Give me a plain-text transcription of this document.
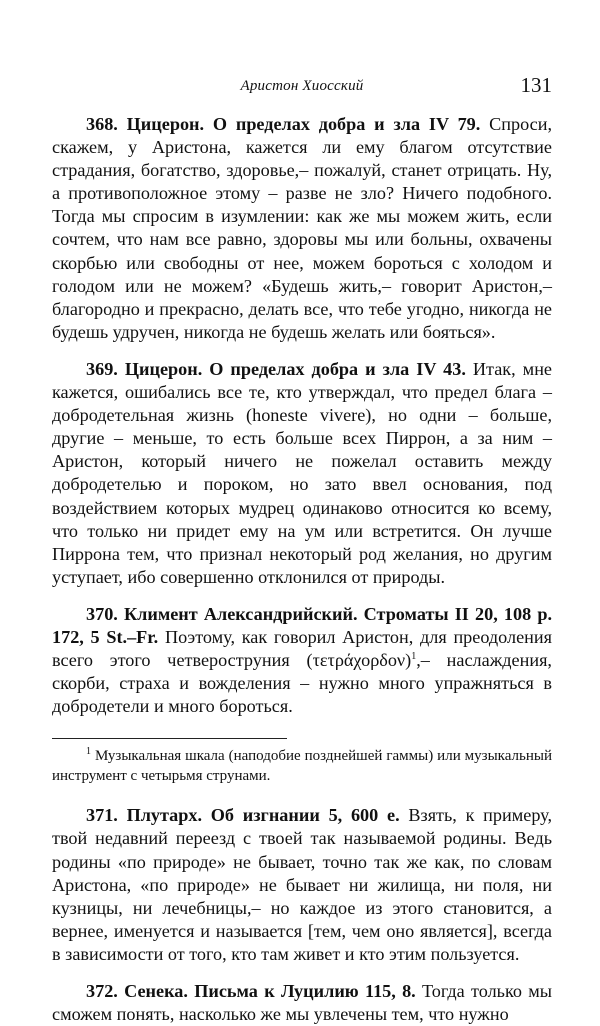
Аристон Хиосский	131

368. Цицерон. О пределах добра и зла IV 79. Спроси, скажем, у Аристона, кажется ли ему благом отсутствие страдания, богатство, здоровье,– пожалуй, станет отрицать. Ну, а противоположное этому – разве не зло? Ничего подобного. Тогда мы спросим в изумлении: как же мы можем жить, если сочтем, что нам все равно, здоровы мы или больны, охвачены скорбью или свободны от нее, можем бороться с холодом и голодом или не можем? «Будешь жить,– говорит Аристон,– благородно и прекрасно, делать все, что тебе угодно, никогда не будешь удручен, никогда не будешь желать или бояться».

369. Цицерон. О пределах добра и зла IV 43. Итак, мне кажется, ошибались все те, кто утверждал, что предел блага – добродетельная жизнь (honeste vivere), но одни – больше, другие – меньше, то есть больше всех Пиррон, а за ним – Аристон, который ничего не пожелал оставить между добродетелью и пороком, но зато ввел основания, под воздействием которых мудрец одинаково относится ко всему, что только ни придет ему на ум или встретится. Он лучше Пиррона тем, что признал некоторый род желания, но другим уступает, ибо совершенно отклонился от природы.

370. Климент Александрийский. Строматы II 20, 108 p. 172, 5 St.–Fr. Поэтому, как говорил Аристон, для преодоления всего этого четвероструния $(\tau\varepsilon\tau\rho ά\chi o\rho\delta o\nu)^1,-$ наслаждения, скорби, страха и вожделения – нужно много упражняться в добродетели и много бороться.

$^1$ Музыкальная шкала (наподобие позднейшей гаммы) или музыкальный инструмент с четырьмя струнами.

371. Плутарх. Об изгнании 5, 600 e. Взять, к примеру, твой недавний переезд с твоей так называемой родины. Ведь родины «по природе» не бывает, точно так же как, по словам Аристона, «по природе» не бывает ни жилища, ни поля, ни кузницы, ни лечебницы,– но каждое из этого становится, а вернее, именуется и называется [тем, чем оно является], всегда в зависимости от того, кто там живет и кто этим пользуется.

372. Сенека. Письма к Луцилию 115, 8. Тогда только мы сможем понять, насколько же мы увлечены тем, что нужно
